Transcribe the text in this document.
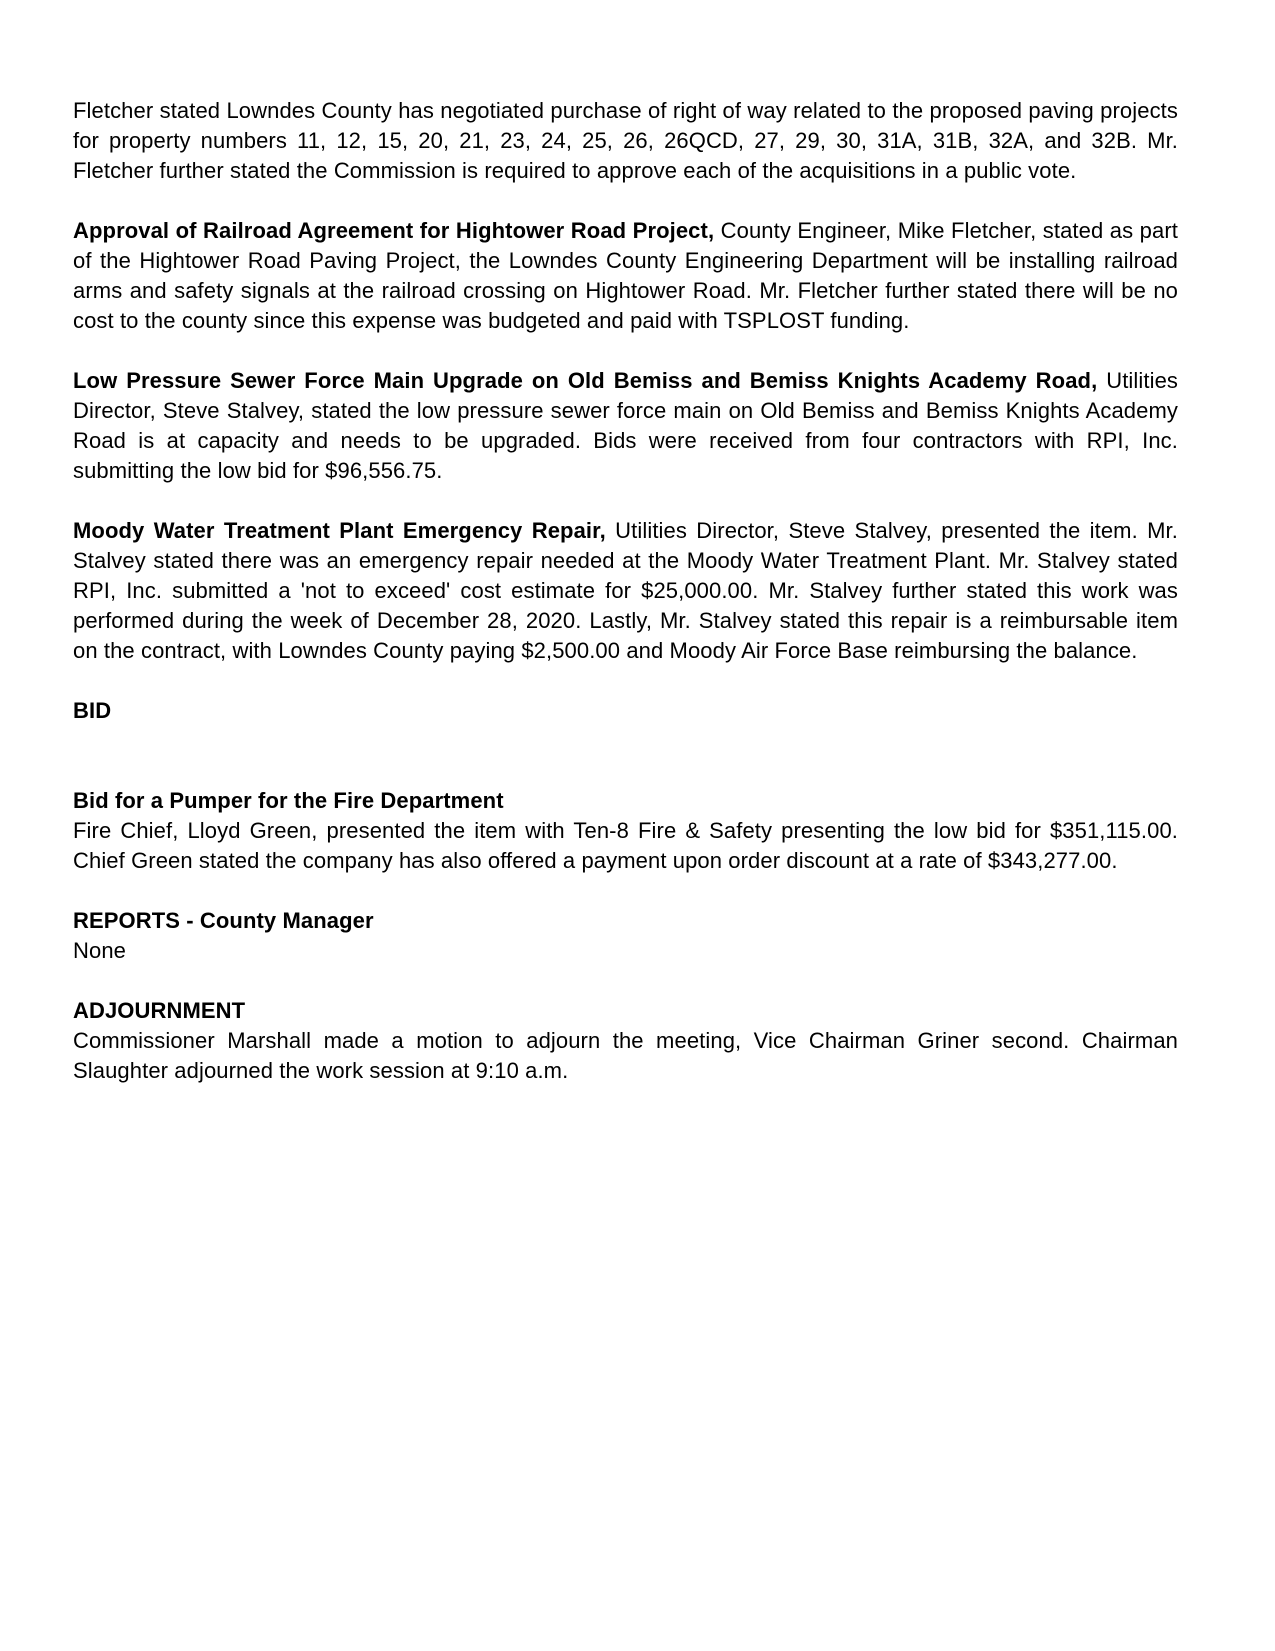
Fletcher stated Lowndes County has negotiated purchase of right of way related to the proposed paving projects for property numbers 11, 12, 15, 20, 21, 23, 24, 25, 26, 26QCD, 27, 29, 30, 31A, 31B, 32A, and 32B. Mr. Fletcher further stated the Commission is required to approve each of the acquisitions in a public vote.

Approval of Railroad Agreement for Hightower Road Project, County Engineer, Mike Fletcher, stated as part of the Hightower Road Paving Project, the Lowndes County Engineering Department will be installing railroad arms and safety signals at the railroad crossing on Hightower Road. Mr. Fletcher further stated there will be no cost to the county since this expense was budgeted and paid with TSPLOST funding.

Low Pressure Sewer Force Main Upgrade on Old Bemiss and Bemiss Knights Academy Road, Utilities Director, Steve Stalvey, stated the low pressure sewer force main on Old Bemiss and Bemiss Knights Academy Road is at capacity and needs to be upgraded. Bids were received from four contractors with RPI, Inc. submitting the low bid for $96,556.75.

Moody Water Treatment Plant Emergency Repair, Utilities Director, Steve Stalvey, presented the item. Mr. Stalvey stated there was an emergency repair needed at the Moody Water Treatment Plant. Mr. Stalvey stated RPI, Inc. submitted a 'not to exceed' cost estimate for $25,000.00. Mr. Stalvey further stated this work was performed during the week of December 28, 2020. Lastly, Mr. Stalvey stated this repair is a reimbursable item on the contract, with Lowndes County paying $2,500.00 and Moody Air Force Base reimbursing the balance.

BID

Bid for a Pumper for the Fire Department

Fire Chief, Lloyd Green, presented the item with Ten-8 Fire & Safety presenting the low bid for $351,115.00. Chief Green stated the company has also offered a payment upon order discount at a rate of $343,277.00.

REPORTS - County Manager

None

ADJOURNMENT

Commissioner Marshall made a motion to adjourn the meeting, Vice Chairman Griner second. Chairman Slaughter adjourned the work session at 9:10 a.m.
